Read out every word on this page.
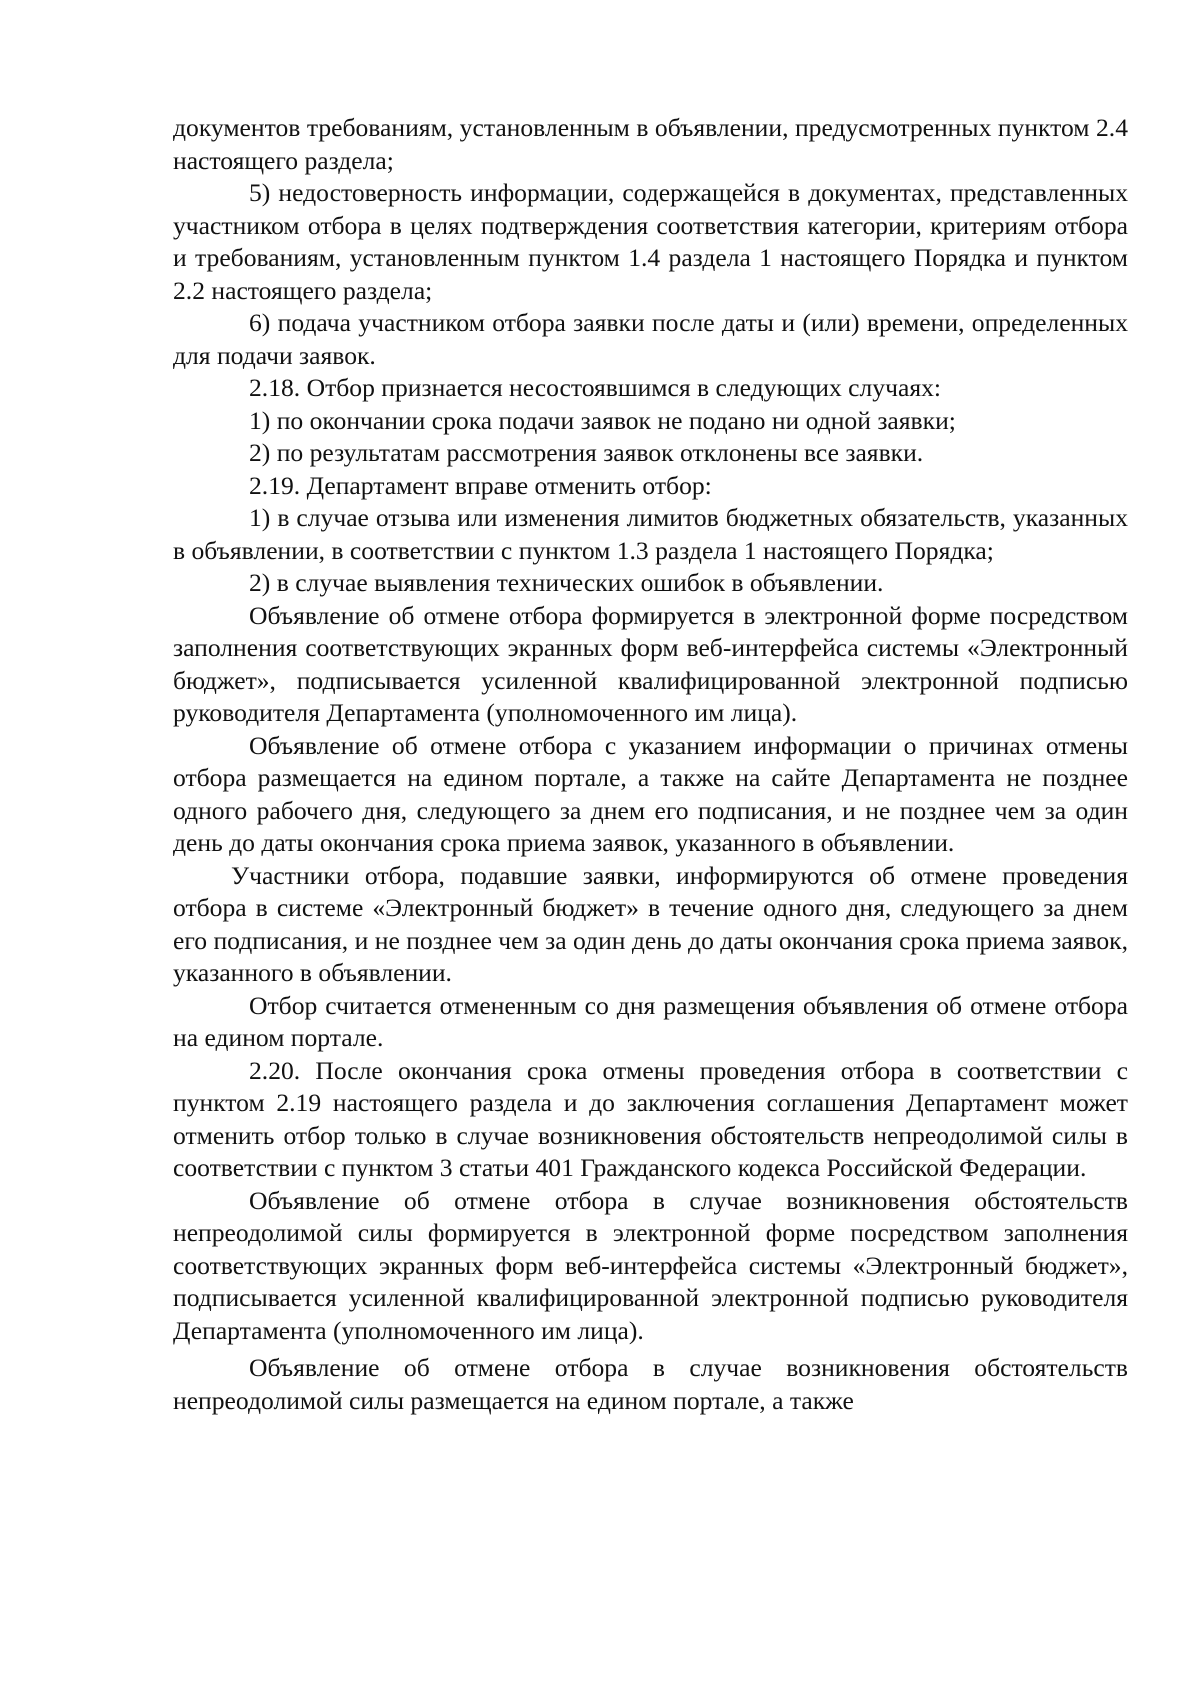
документов требованиям, установленным в объявлении, предусмотренных пунктом 2.4 настоящего раздела;

5) недостоверность информации, содержащейся в документах, представленных участником отбора в целях подтверждения соответствия категории, критериям отбора и требованиям, установленным пунктом 1.4 раздела 1 настоящего Порядка и пунктом 2.2 настоящего раздела;

6) подача участником отбора заявки после даты и (или) времени, определенных для подачи заявок.

2.18. Отбор признается несостоявшимся в следующих случаях:

1) по окончании срока подачи заявок не подано ни одной заявки;

2) по результатам рассмотрения заявок отклонены все заявки.

2.19. Департамент вправе отменить отбор:

1) в случае отзыва или изменения лимитов бюджетных обязательств, указанных в объявлении, в соответствии с пунктом 1.3 раздела 1 настоящего Порядка;

2) в случае выявления технических ошибок в объявлении.

Объявление об отмене отбора формируется в электронной форме посредством заполнения соответствующих экранных форм веб-интерфейса системы «Электронный бюджет», подписывается усиленной квалифицированной электронной подписью руководителя Департамента (уполномоченного им лица).

Объявление об отмене отбора с указанием информации о причинах отмены отбора размещается на едином портале, а также на сайте Департамента не позднее одного рабочего дня, следующего за днем его подписания, и не позднее чем за один день до даты окончания срока приема заявок, указанного в объявлении.

Участники отбора, подавшие заявки, информируются об отмене проведения отбора в системе «Электронный бюджет» в течение одного дня, следующего за днем его подписания, и не позднее чем за один день до даты окончания срока приема заявок, указанного в объявлении.

Отбор считается отмененным со дня размещения объявления об отмене отбора на едином портале.

2.20. После окончания срока отмены проведения отбора в соответствии с пунктом 2.19 настоящего раздела и до заключения соглашения Департамент может отменить отбор только в случае возникновения обстоятельств непреодолимой силы в соответствии с пунктом 3 статьи 401 Гражданского кодекса Российской Федерации.

Объявление об отмене отбора в случае возникновения обстоятельств непреодолимой силы формируется в электронной форме посредством заполнения соответствующих экранных форм веб-интерфейса системы «Электронный бюджет», подписывается усиленной квалифицированной электронной подписью руководителя Департамента (уполномоченного им лица).

Объявление об отмене отбора в случае возникновения обстоятельств непреодолимой силы размещается на едином портале, а также
